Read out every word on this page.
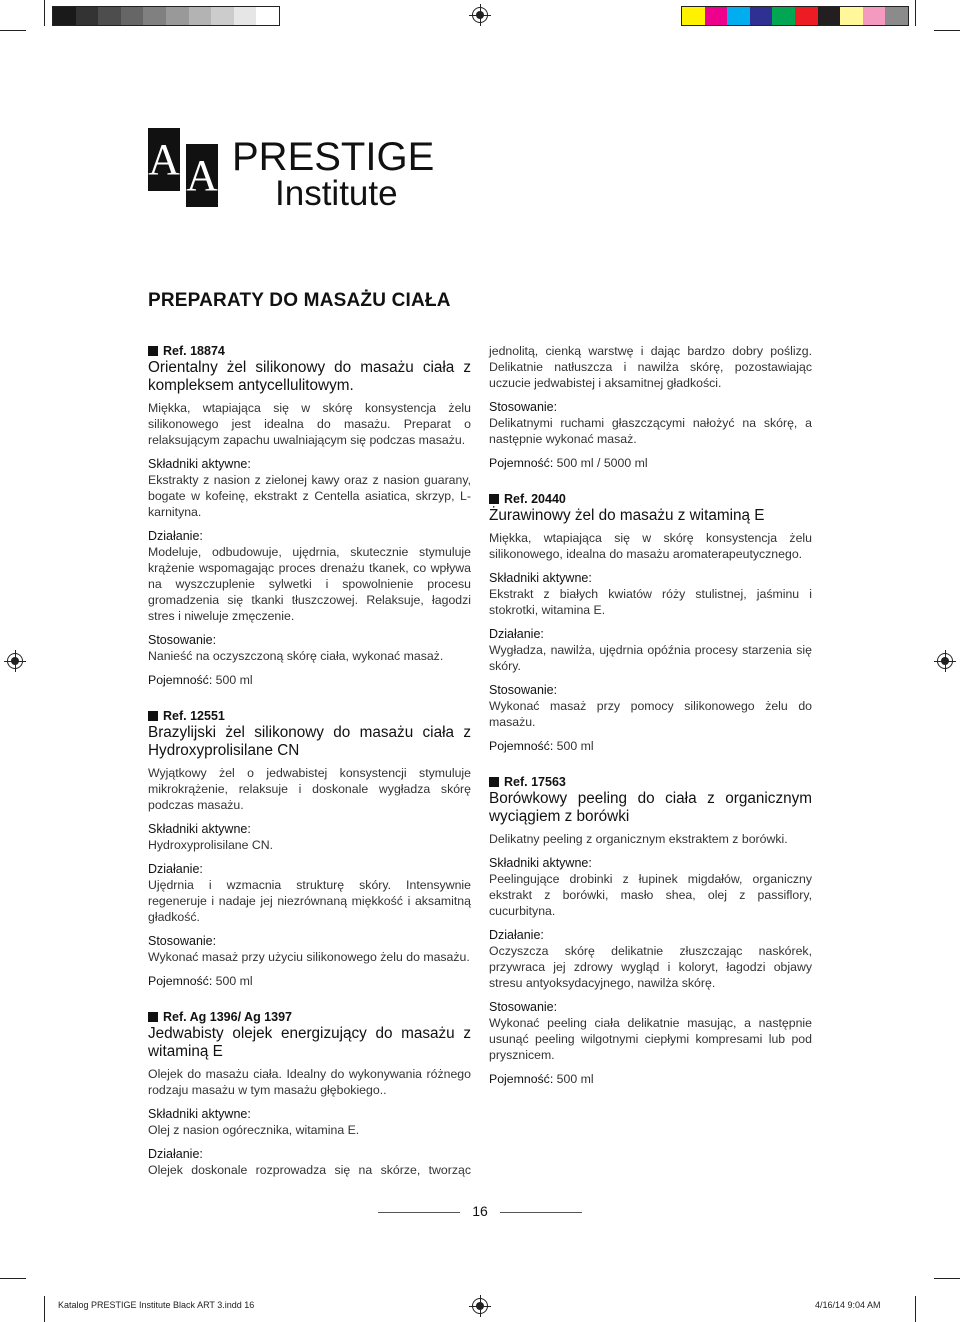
A A PRESTIGE
Institute
PREPARATY DO MASAŻU CIAŁA
Ref. 18874
Orientalny żel silikonowy do masażu ciała z kompleksem antycellulitowym.
Miękka, wtapiająca się w skórę konsystencja żelu silikonowego jest idealna do masażu. Preparat o relaksującym zapachu uwalniającym się podczas masażu.
Składniki aktywne:
Ekstrakty z nasion z zielonej kawy oraz z nasion guarany, bogate w kofeinę, ekstrakt z Centella asiatica, skrzyp, L-karnityna.
Działanie:
Modeluje, odbudowuje, ujędrnia, skutecznie stymuluje krążenie wspomagając proces drenażu tkanek, co wpływa na wyszczuplenie sylwetki i spowolnienie procesu gromadzenia się tkanki tłuszczowej. Relaksuje, łagodzi stres i niweluje zmęczenie.
Stosowanie:
Nanieść na oczyszczoną skórę ciała, wykonać masaż.
Pojemność: 500 ml
Ref. 12551
Brazylijski żel silikonowy do masażu ciała z Hydroxyprolisilane CN
Wyjątkowy żel o jedwabistej konsystencji stymuluje mikrokrążenie, relaksuje i doskonale wygładza skórę podczas masażu.
Składniki aktywne:
Hydroxyprolisilane CN.
Działanie:
Ujędrnia i wzmacnia strukturę skóry. Intensywnie regeneruje i nadaje jej niezrównaną miękkość i aksamitną gładkość.
Stosowanie:
Wykonać masaż przy użyciu silikonowego żelu do masażu.
Pojemność: 500 ml
Ref. Ag 1396/ Ag 1397
Jedwabisty olejek energizujący do masażu z witaminą E
Olejek do masażu ciała. Idealny do wykonywania różnego rodzaju masażu w tym masażu głębokiego..
Składniki aktywne:
Olej z nasion ogórecznika, witamina E.
Działanie:
Olejek doskonale rozprowadza się na skórze, tworząc
jednolitą, cienką warstwę i dając bardzo dobry poślizg. Delikatnie natłuszcza i nawilża skórę, pozostawiając uczucie jedwabistej i aksamitnej gładkości.
Stosowanie:
Delikatnymi ruchami głaszczącymi nałożyć na skórę, a następnie wykonać masaż.
Pojemność: 500 ml / 5000 ml
Ref. 20440
Żurawinowy żel do masażu z witaminą E
Miękka, wtapiająca się w skórę konsystencja żelu silikonowego, idealna do masażu aromaterapeutycznego.
Składniki aktywne:
Ekstrakt z białych kwiatów róży stulistnej, jaśminu i stokrotki, witamina E.
Działanie:
Wygładza, nawilża, ujędrnia opóźnia procesy starzenia się skóry.
Stosowanie:
Wykonać masaż przy pomocy silikonowego żelu do masażu.
Pojemność: 500 ml
Ref. 17563
Borówkowy peeling do ciała z organicznym wyciągiem z borówki
Delikatny peeling z organicznym ekstraktem z borówki.
Składniki aktywne:
Peelingujące drobinki z łupinek migdałów, organiczny ekstrakt z borówki, masło shea, olej z passiflory, cucurbityna.
Działanie:
Oczyszcza skórę delikatnie złuszczając naskórek, przywraca jej zdrowy wygląd i koloryt, łagodzi objawy stresu antyoksydacyjnego, nawilża skórę.
Stosowanie:
Wykonać peeling ciała delikatnie masując, a następnie usunąć peeling wilgotnymi ciepłymi kompresami lub pod prysznicem.
Pojemność: 500 ml
16
Katalog PRESTIGE Institute Black ART 3.indd 16	4/16/14 9:04 AM
